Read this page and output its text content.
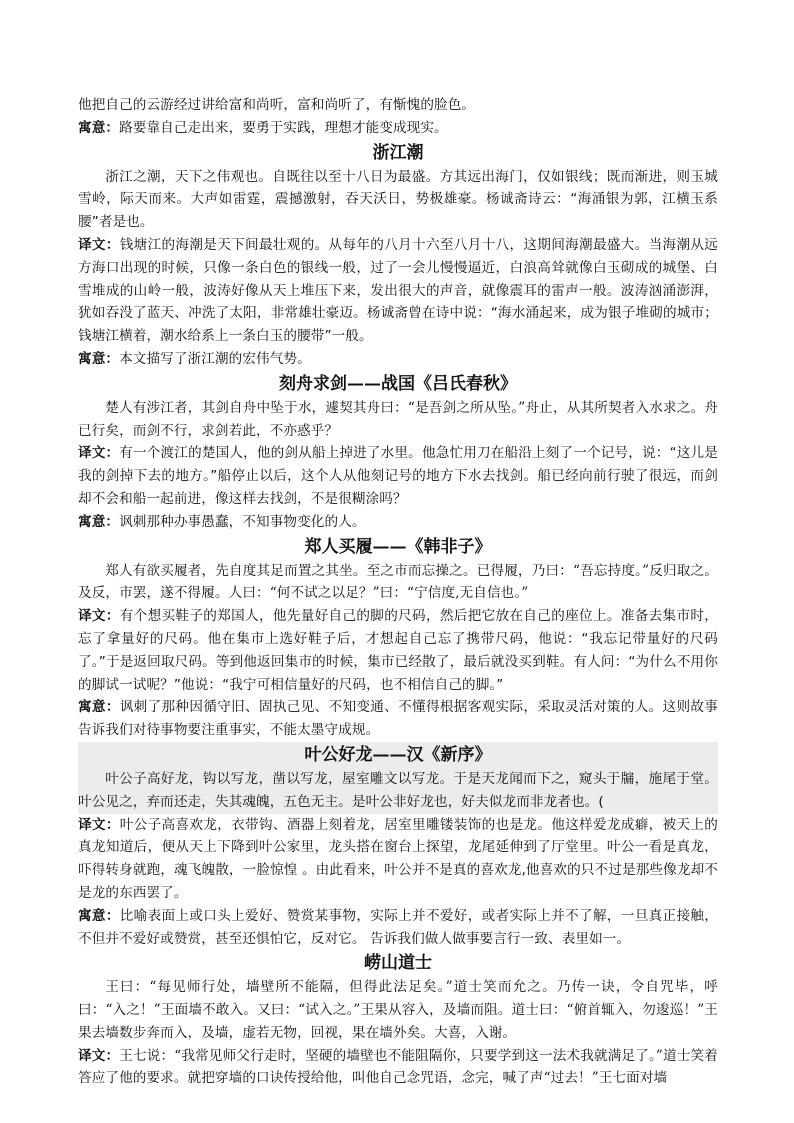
他把自己的云游经过讲给富和尚听，富和尚听了，有惭愧的脸色。

寓意：路要靠自己走出来，要勇于实践，理想才能变成现实。

浙江潮

浙江之潮，天下之伟观也。自既往以至十八日为最盛。方其远出海门，仅如银线；既而渐进，则玉城雪岭，际天而来。大声如雷霆，震撼激射，吞天沃日，势极雄豪。杨诚斋诗云：“海涌银为郭，江横玉系腰”者是也。

译文：钱塘江的海潮是天下间最壮观的。从每年的八月十六至八月十八，这期间海潮最盛大。当海潮从远方海口出现的时候，只像一条白色的银线一般，过了一会儿慢慢逼近，白浪高耸就像白玉砌成的城堡、白雪堆成的山岭一般，波涛好像从天上堆压下来，发出很大的声音，就像震耳的雷声一般。波涛汹涌澎湃，犹如吞没了蓝天、冲洗了太阳，非常雄壮豪迈。杨诚斋曾在诗中说：“海水涌起来，成为银子堆砌的城市；钱塘江横着，潮水给系上一条白玉的腰带”一般。

寓意：本文描写了浙江潮的宏伟气势。

刻舟求剑——战国《吕氏春秋》

楚人有涉江者，其剑自舟中坠于水，遽契其舟曰：“是吾剑之所从坠。”舟止，从其所契者入水求之。舟已行矣，而剑不行，求剑若此，不亦惑乎？

译文：有一个渡江的楚国人，他的剑从船上掉进了水里。他急忙用刀在船沿上刻了一个记号，说：“这儿是我的剑掉下去的地方。”船停止以后，这个人从他刻记号的地方下水去找剑。船已经向前行驶了很远，而剑却不会和船一起前进，像这样去找剑，不是很糊涂吗？

寓意：讽刺那种办事愚蠢，不知事物变化的人。

郑人买履——《韩非子》

郑人有欲买履者，先自度其足而置之其坐。至之市而忘操之。已得履，乃曰：“吾忘持度。”反归取之。及反，市罢，遂不得履。人曰：“何不试之以足？”曰：“宁信度,无自信也。”

译文：有个想买鞋子的郑国人，他先量好自己的脚的尺码，然后把它放在自己的座位上。准备去集市时，忘了拿量好的尺码。他在集市上选好鞋子后，才想起自己忘了携带尺码，他说：“我忘记带量好的尺码了。”于是返回取尺码。等到他返回集市的时候，集市已经散了，最后就没买到鞋。有人问：“为什么不用你的脚试一试呢？”他说：“我宁可相信量好的尺码，也不相信自己的脚。”

寓意：讽刺了那种因循守旧、固执己见、不知变通、不懂得根据客观实际，采取灵活对策的人。这则故事告诉我们对待事物要注重事实，不能太墨守成规。

叶公好龙——汉《新序》

叶公子高好龙，钩以写龙，凿以写龙，屋室雕文以写龙。于是天龙闻而下之，窥头于牖，施尾于堂。叶公见之，弃而还走，失其魂魄，五色无主。是叶公非好龙也，好夫似龙而非龙者也。(

译文：叶公子高喜欢龙，衣带钩、酒器上刻着龙，居室里雕镂装饰的也是龙。他这样爱龙成癖，被天上的真龙知道后，便从天上下降到叶公家里，龙头搭在窗台上探望，龙尾延伸到了厅堂里。叶公一看是真龙，吓得转身就跑，魂飞魄散，一脸惊惶 。由此看来，叶公并不是真的喜欢龙,他喜欢的只不过是那些像龙却不是龙的东西罢了。

寓意：比喻表面上或口头上爱好、赞赏某事物，实际上并不爱好，或者实际上并不了解，一旦真正接触，不但并不爱好或赞赏，甚至还惧怕它，反对它。 告诉我们做人做事要言行一致、表里如一。

崂山道士

王曰：“每见师行处，墙壁所不能隔，但得此法足矣。”道士笑而允之。乃传一诀，令自咒毕，呼曰：“入之！”王面墙不敢入。又曰：“试入之。”王果从容入，及墙而阻。道士曰：“俯首辄入，勿逡巡！”王果去墙数步奔而入，及墙，虚若无物，回视，果在墙外矣。大喜，入谢。

译文：王七说：“我常见师父行走时，坚硬的墙壁也不能阻隔你，只要学到这一法术我就满足了。”道士笑着答应了他的要求。就把穿墙的口诀传授给他，叫他自己念咒语，念完，喊了声“过去！”王七面对墙
